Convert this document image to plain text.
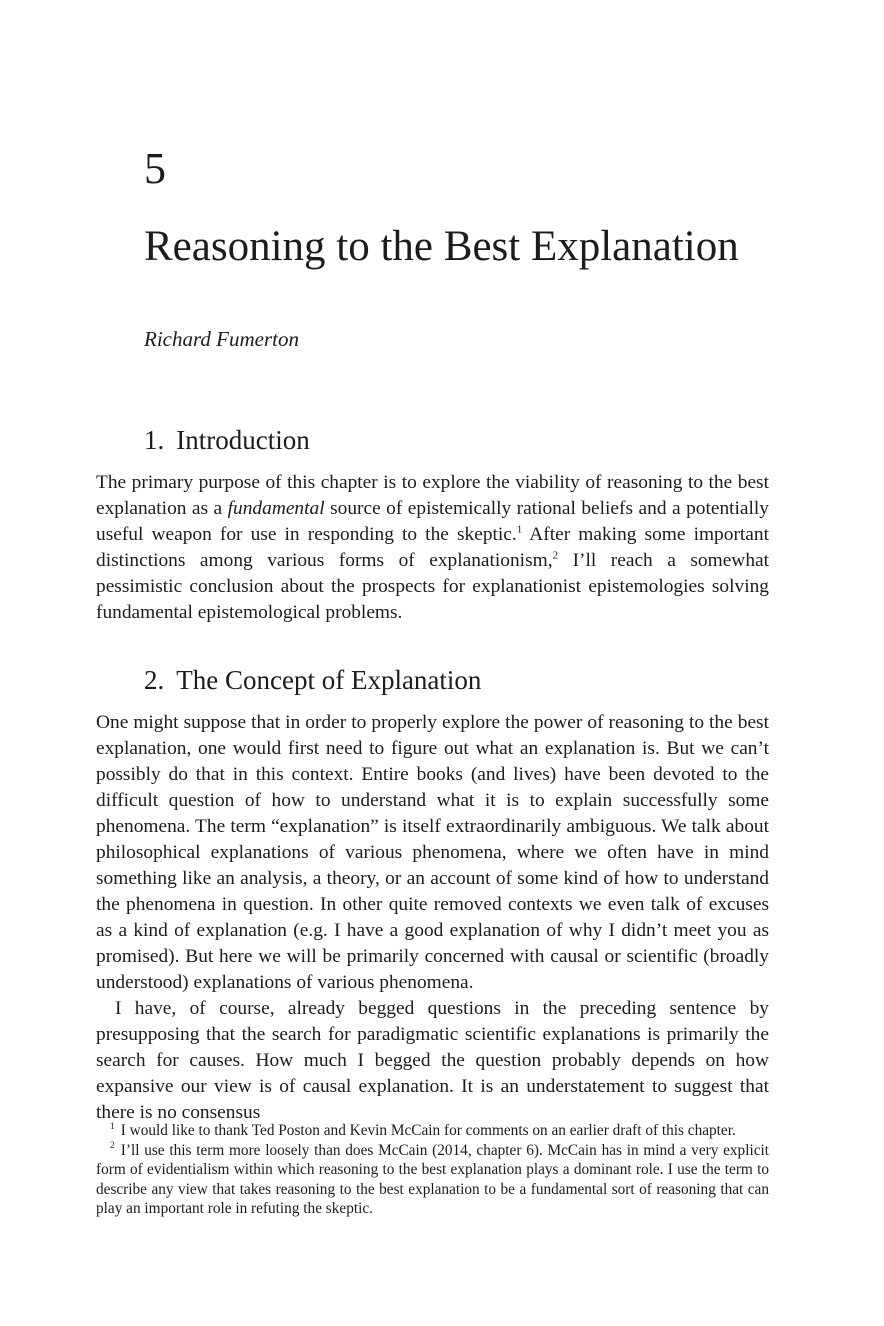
5
Reasoning to the Best Explanation

Richard Fumerton

1. Introduction

The primary purpose of this chapter is to explore the viability of reasoning to the best explanation as a fundamental source of epistemically rational beliefs and a potentially useful weapon for use in responding to the skeptic.$^1$ After making some important distinctions among various forms of explanationism,$^2$ I’ll reach a somewhat pessimistic conclusion about the prospects for explanationist epistemologies solving fundamental epistemological problems.

2. The Concept of Explanation

One might suppose that in order to properly explore the power of reasoning to the best explanation, one would first need to figure out what an explanation is. But we can’t possibly do that in this context. Entire books (and lives) have been devoted to the difficult question of how to understand what it is to explain successfully some phenomena. The term “explanation” is itself extraordinarily ambiguous. We talk about philosophical explanations of various phenomena, where we often have in mind something like an analysis, a theory, or an account of some kind of how to understand the phenomena in question. In other quite removed contexts we even talk of excuses as a kind of explanation (e.g. I have a good explanation of why I didn’t meet you as promised). But here we will be primarily concerned with causal or scientific (broadly understood) explanations of various phenomena.

I have, of course, already begged questions in the preceding sentence by presupposing that the search for paradigmatic scientific explanations is primarily the search for causes. How much I begged the question probably depends on how expansive our view is of causal explanation. It is an understatement to suggest that there is no consensus

$^1$ I would like to thank Ted Poston and Kevin McCain for comments on an earlier draft of this chapter.

$^2$ I’ll use this term more loosely than does McCain (2014, chapter 6). McCain has in mind a very explicit form of evidentialism within which reasoning to the best explanation plays a dominant role. I use the term to describe any view that takes reasoning to the best explanation to be a fundamental sort of reasoning that can play an important role in refuting the skeptic.
